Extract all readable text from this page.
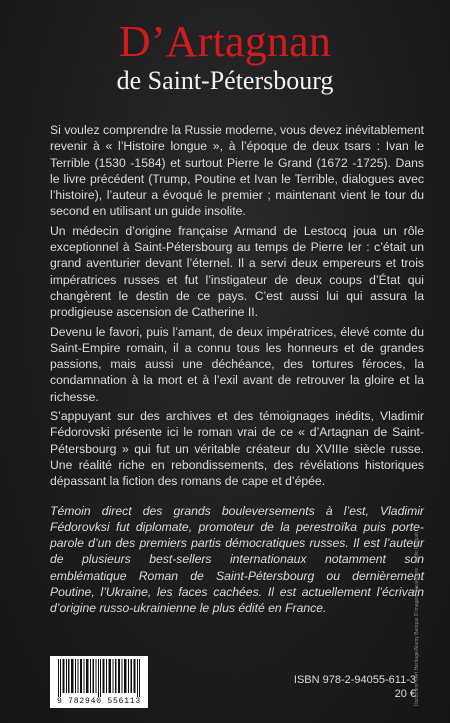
D’Artagnan
de Saint-Pétersbourg

Si voulez comprendre la Russie moderne, vous devez inévitablement revenir à « l’Histoire longue », à l’époque de deux tsars : Ivan le Terrible (1530 -1584) et surtout Pierre le Grand (1672 -1725). Dans le livre précédent (Trump, Poutine et Ivan le Terrible, dialogues avec l’histoire), l’auteur a évoqué le premier ; maintenant vient le tour du second en utilisant un guide insolite.

Un médecin d’origine française Armand de Lestocq joua un rôle exceptionnel à Saint-Pétersbourg au temps de Pierre Ier : c’était un grand aventurier devant l’éternel. Il a servi deux empereurs et trois impératrices russes et fut l’instigateur de deux coups d’État qui changèrent le destin de ce pays. C’est aussi lui qui assura la prodigieuse ascension de Catherine II.

Devenu le favori, puis l’amant, de deux impératrices, élevé comte du Saint-Empire romain, il a connu tous les honneurs et de grandes passions, mais aussi une déchéance, des tortures féroces, la condamnation à la mort et à l’exil avant de retrouver la gloire et la richesse.

S’appuyant sur des archives et des témoignages inédits, Vladimir Fédorovski présente ici le roman vrai de ce « d’Artagnan de Saint-Pétersbourg » qui fut un véritable créateur du XVIIIe siècle russe. Une réalité riche en rebondissements, des révélations historiques dépassant la fiction des romans de cape et d’épée.

Témoin direct des grands bouleversements à l’est, Vladimir Fédorovksi fut diplomate, promoteur de la perestroïka puis porte-parole d’un des premiers partis démocratiques russes. Il est l’auteur de plusieurs best-sellers internationaux notamment son emblématique Roman de Saint-Pétersbourg ou dernièrement Poutine, l’Ukraine, les faces cachées. Il est actuellement l’écrivain d’origine russo-ukrainienne le plus édité en France.

9 782940 556113
ISBN 978-2-94055-611-3
20 €
Document ©Art Heritage/Alamy Banque D’images. Couverture : studio Flaquet
